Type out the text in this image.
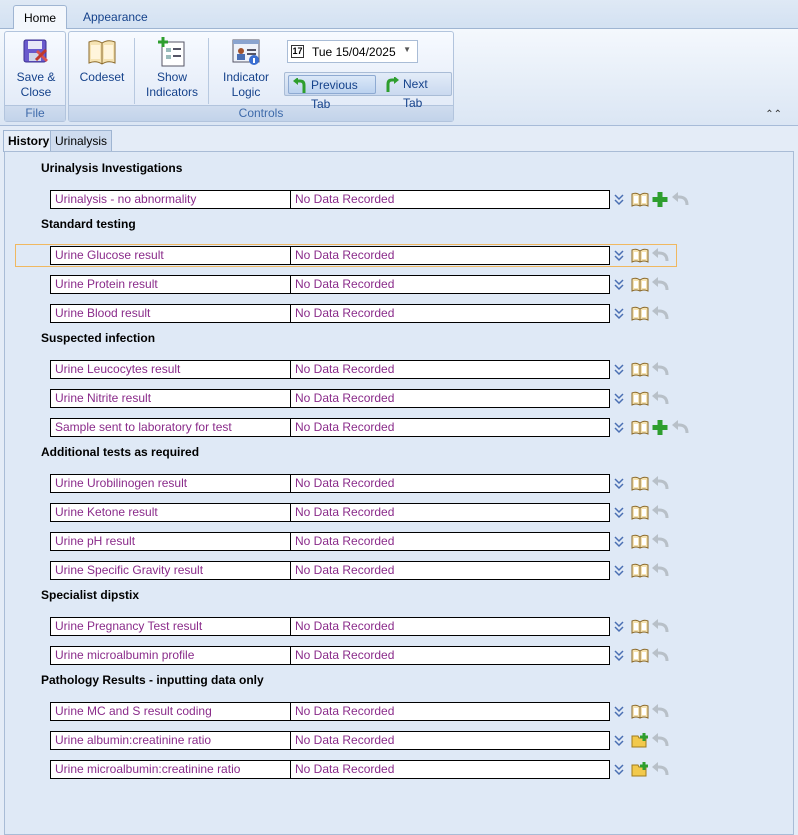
Home	Appearance
Save &
Close
File
Codeset	Show
Indicators
Indicator
Logic
Controls
17 Tue 15/04/2025 ▼
Previous Tab
Next Tab
⌃⌃
History Urinalysis
Urinalysis Investigations
Urinalysis - no abnormality	No Data Recorded
Standard testing
Urine Glucose result	No Data Recorded
Urine Protein result	No Data Recorded
Urine Blood result	No Data Recorded
Suspected infection
Urine Leucocytes result	No Data Recorded
Urine Nitrite result	No Data Recorded
Sample sent to laboratory for test	No Data Recorded
Additional tests as required
Urine Urobilinogen result	No Data Recorded
Urine Ketone result	No Data Recorded
Urine pH result	No Data Recorded
Urine Specific Gravity result	No Data Recorded
Specialist dipstix
Urine Pregnancy Test result	No Data Recorded
Urine microalbumin profile	No Data Recorded
Pathology Results - inputting data only
Urine MC and S result coding	No Data Recorded
Urine albumin:creatinine ratio	No Data Recorded
Urine microalbumin:creatinine ratio	No Data Recorded
